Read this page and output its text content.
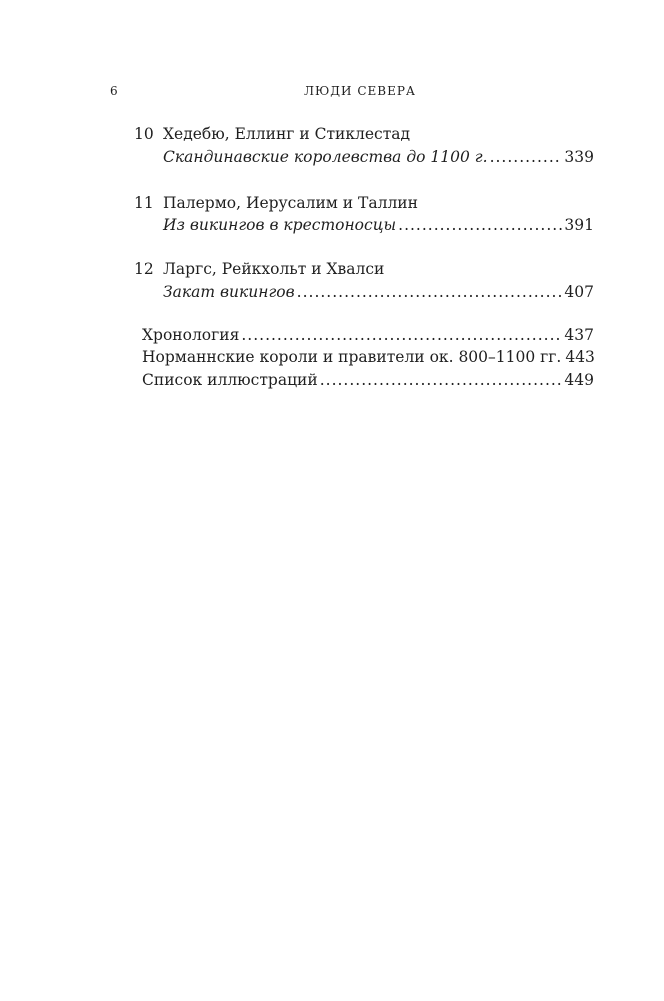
6	ЛЮДИ СЕВЕРА
10 Хедебю, Еллинг и Стиклестад
Скандинавские королевства до 1100 г. .....	339
11 Палермо, Иерусалим и Таллин
Из викингов в крестоносцы .....	391
12 Ларгс, Рейкхольт и Хвалси
Закат викингов .....	407
Хронология .....	437
Норманнские короли и правители ок. 800–1100 гг. 443
Список иллюстраций .....	449
